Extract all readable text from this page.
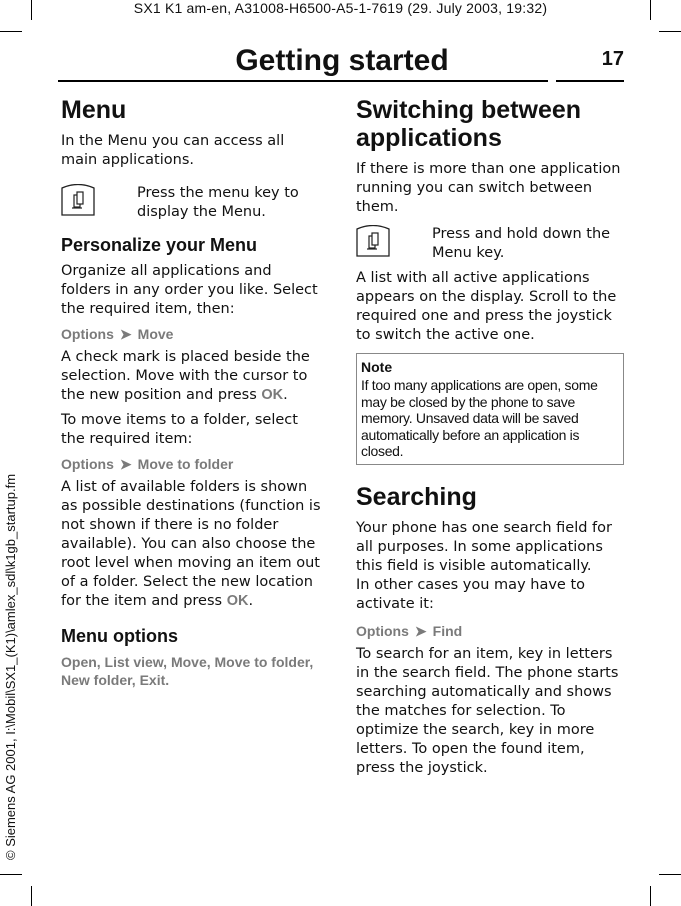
SX1 K1 am-en, A31008-H6500-A5-1-7619 (29. July 2003, 19:32)
© Siemens AG 2001, I:\Mobil\SX1_(K1)\amlex_sdl\k1gb_startup.fm
Getting started	17
Menu

In the Menu you can access all main applications.

Press the menu key to display the Menu.

Personalize your Menu

Organize all applications and folders in any order you like. Select the required item, then:

Options ➤ Move

A check mark is placed beside the selection. Move with the cursor to the new position and press OK.

To move items to a folder, select the required item:

Options ➤ Move to folder

A list of available folders is shown as possible destinations (function is not shown if there is no folder available). You can also choose the root level when moving an item out of a folder. Select the new location for the item and press OK.

Menu options

Open, List view, Move, Move to folder, New folder, Exit.

Switching between applications

If there is more than one application running you can switch between them.

Press and hold down the Menu key.

A list with all active applications appears on the display. Scroll to the required one and press the joystick to switch the active one.

Note
If too many applications are open, some may be closed by the phone to save memory. Unsaved data will be saved automatically before an application is closed.
Searching

Your phone has one search field for all purposes. In some applications this field is visible automatically.

In other cases you may have to activate it:

Options ➤ Find

To search for an item, key in letters in the search field. The phone starts searching automatically and shows the matches for selection. To optimize the search, key in more letters. To open the found item, press the joystick.
